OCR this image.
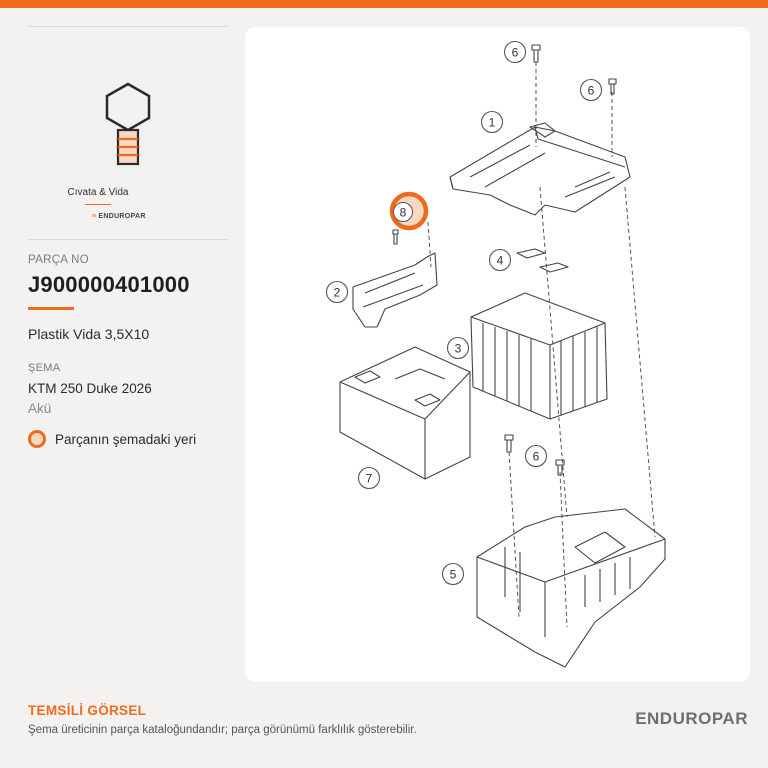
Cıvata & Vida
≡ ENDUROPAR
PARÇA NO
J900000401000
Plastik Vida 3,5X10
ŞEMA
KTM 250 Duke 2026
Akü
Parçanın şemadaki yeri
6
6
1
2
4
3
7
6
5
8
TEMSİLİ GÖRSEL
Şema üreticinin parça kataloğundandır; parça görünümü farklılık gösterebilir.
ENDUROPAR
